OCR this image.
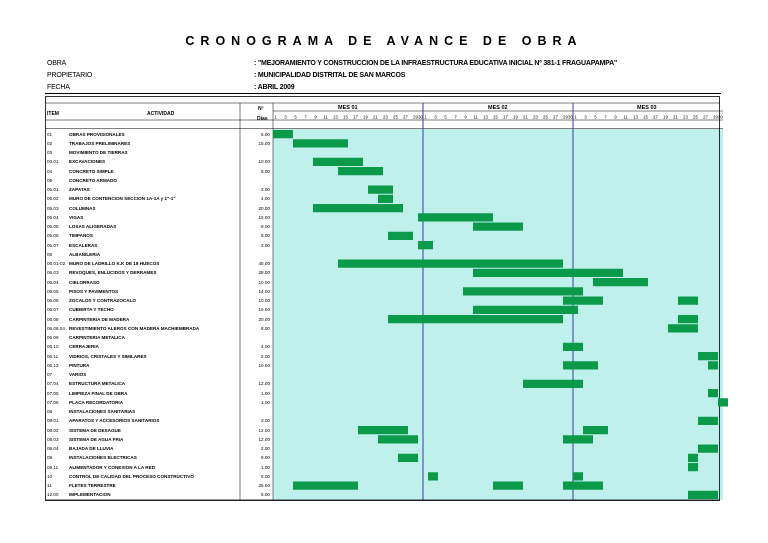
CRONOGRAMA DE AVANCE DE OBRA
OBRA	: "MEJORAMIENTO Y CONSTRUCCION DE LA INFRAESTRUCTURA EDUCATIVA INICIAL Nº 381-1 FRAGUAPAMPA"
PROPIETARIO	: MUNICIPALIDAD DISTRITAL DE SAN MARCOS
FECHA	: ABRIL 2009
1 3 5 7 9 11 13 15 17 19 21 23 25 27 29 30 1 3 5 7 9 11 13 15 17 19 21 23 25 27 29 30 1 3 5 7 9 11 13 15 17 19 21 23 25 27 29 30
ITEM	ACTIVIDAD
Nº
Dias
MES 01	MES 02	MES 03
01	OBRAS PROVISIONALES	5.00
02	TRABAJOS PRELIMINARES	15.00
03	MOVIMIENTO DE TIERRAS
03.01 EXCAVACIONES	10.00
04	CONCRETO SIMPLE	8.00
05	CONCRETO ARMADO
05.01 ZAPATAS	3.00
05.02 MURO DE CONTENCION SECCION 1A-1A y 1"-1"	4.00
05.03 COLUMNAS	20.00
05.04 VIGAS	15.00
05.05 LOSAS ALIGERADAS	8.00
05.06 TIMPANOS	8.00
05.07 ESCALERAS	3.00
06	ALBAÑILERIA
06.01-02 MURO DE LADRILLO K.K DE 18 HUECOS	45.00
06.03 REVOQUES, ENLUCIDOS Y DERRAMES	28.00
06.04 CIELORRASO	10.00
06.05 PISOS Y PAVIMENTOS	14.00
06.06 ZOCALOS Y CONTRAZOCALO	10.00
06.07 CUBIERTA Y TECHO	16.00
06.08 CARPINTERIA DE MADERA	20.00
06.08.04 REVESTIMIENTO ALEROS CON MADERA MACHIEMBRADA	8.00
06.09 CARPINTERIA METALICA
06.10 CERRAJERIA	4.00
06.11 VIDRIOS, CRISTALES Y SIMILARES	2.00
06.12 PINTURA	10.00
07	VARIOS
07.04 ESTRUCTURA METALICA	12.00
07.05 LIMPIEZA FINAL DE OBRA	1.00
07.06 PLACA RECORDATORIA	1.00
08	INSTALACIONES SANITARIAS
08.01 APARATOS Y ACCESORIOS SANITARIOS	3.00
08.02 SISTEMA DE DESAGUE	12.00
08.03 SISTEMA DE AGUA FRIA	12.00
08.04 BAJADA DE LLUVIA	2.00
09	INSTALACIONES ELECTRICAS	8.00
09.11 ALIMENTADOR Y CONEXION A LA RED	1.00
10	CONTROL DE CALIDAD DEL PROCESO CONSTRUCTIVO	5.00
11	FLETES TERRESTRE	25.00
12.00 IMPLEMENTACION	5.00
